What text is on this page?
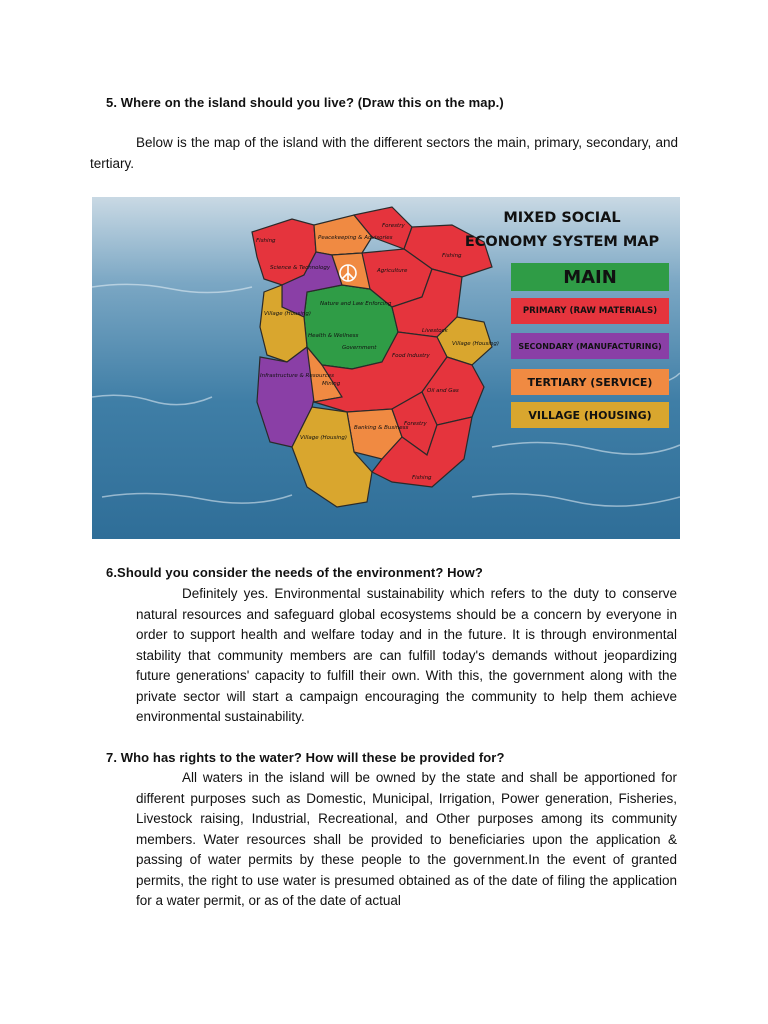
5. Where on the island should you live? (Draw this on the map.)
Below is the map of the island with the different sectors the main, primary, secondary, and tertiary.
Fishing
Forestry
Peacekeeping & Advisories
Science & Technology	Agriculture
Fishing
Village (Housing)
Nature and Law Enforcing
Health & Wellness
Government
Livestock
Village (Housing)
Infrastructure & Resources
Mining
Food Industry
Oil and Gas
Banking & Business
Forestry
Village (Housing)
Fishing
MIXED SOCIAL
ECONOMY SYSTEM MAP
MAIN
PRIMARY (RAW MATERIALS)
SECONDARY (MANUFACTURING)
TERTIARY (SERVICE)
VILLAGE (HOUSING)
6.Should you consider the needs of the environment? How?
Definitely yes. Environmental sustainability which refers to the duty to conserve natural resources and safeguard global ecosystems should be a concern by everyone in order to support health and welfare today and in the future. It is through environmental stability that community members are can fulfill today's demands without jeopardizing future generations' capacity to fulfill their own. With this, the government along with the private sector will start a campaign encouraging the community to help them achieve environmental sustainability.
7. Who has rights to the water? How will these be provided for?
All waters in the island will be owned by the state and shall be apportioned for different purposes such as Domestic, Municipal, Irrigation, Power generation, Fisheries, Livestock raising, Industrial, Recreational, and Other purposes among its community members. Water resources shall be provided to beneficiaries upon the application & passing of water permits by these people to the government.In the event of granted permits, the right to use water is presumed obtained as of the date of filing the application for a water permit, or as of the date of actual
